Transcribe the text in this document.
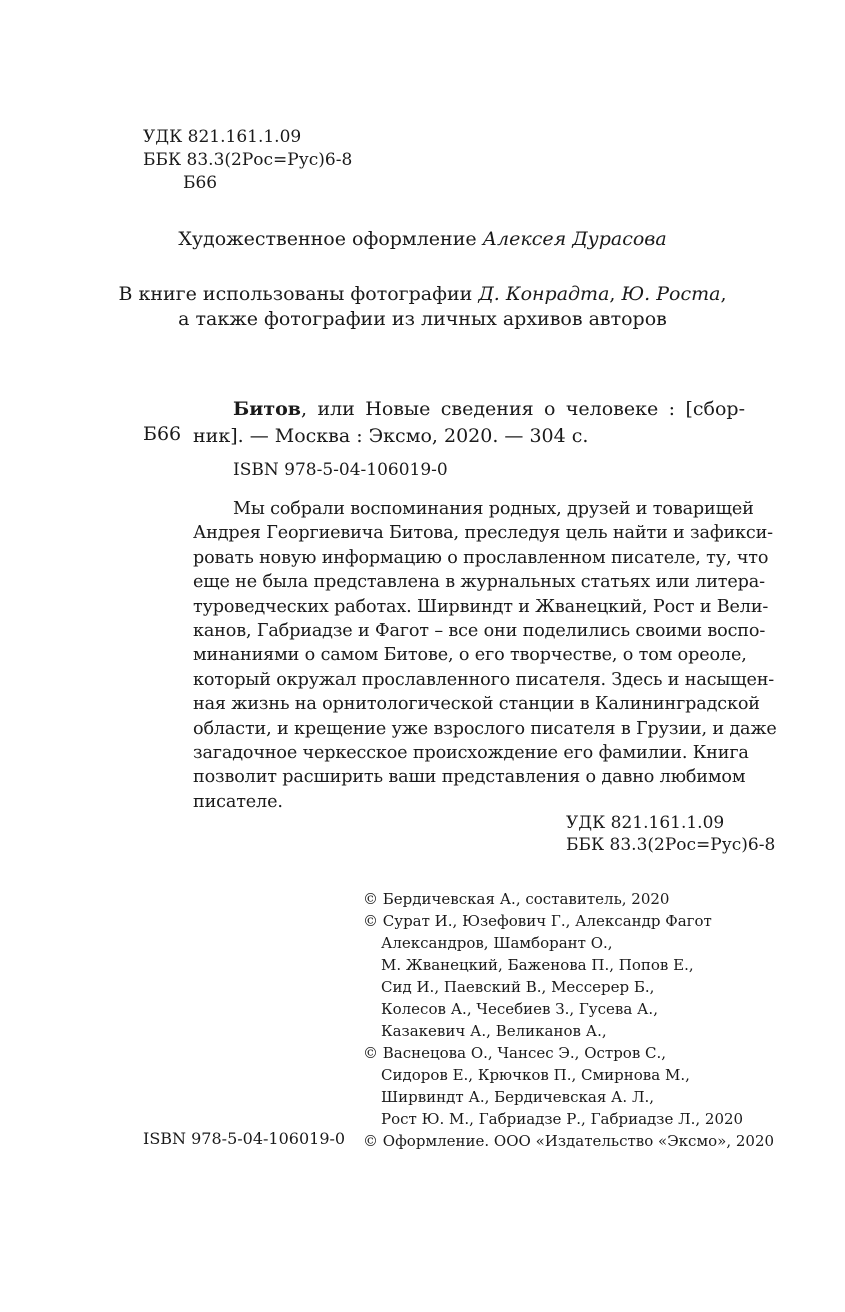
УДК 821.161.1.09
ББК 83.3(2Рос=Рус)6-8
Б66
Художественное оформление Алексея Дурасова
В книге использованы фотографии Д. Конрадта, Ю. Роста,
а также фотографии из личных архивов авторов
Б66

Битов, или Новые сведения о человеке : [сбор-

ник]. — Москва : Эксмо, 2020. — 304 с.

ISBN 978-5-04-106019-0

Мы собрали воспоминания родных, друзей и товарищей

Андрея Георгиевича Битова, преследуя цель найти и зафикси-

ровать новую информацию о прославленном писателе, ту, что

еще не была представлена в журнальных статьях или литера-

туроведческих работах. Ширвиндт и Жванецкий, Рост и Вели-

канов, Габриадзе и Фагот – все они поделились своими воспо-

минаниями о самом Битове, о его творчестве, о том ореоле,

который окружал прославленного писателя. Здесь и насыщен-

ная жизнь на орнитологической станции в Калининградской

области, и крещение уже взрослого писателя в Грузии, и даже

загадочное черкесское происхождение его фамилии. Книга

позволит расширить ваши представления о давно любимом

писателе.

УДК 821.161.1.09
ББК 83.3(2Рос=Рус)6-8
© Бердичевская А., составитель, 2020
© Сурат И., Юзефович Г., Александр Фагот
Александров, Шамборант О.,
М. Жванецкий, Баженова П., Попов Е.,
Сид И., Паевский В., Мессерер Б.,
Колесов А., Чесебиев З., Гусева А.,
Казакевич А., Великанов А.,
© Васнецова О., Чансес Э., Остров С.,
Сидоров Е., Крючков П., Смирнова М.,
Ширвиндт А., Бердичевская А. Л.,
Рост Ю. М., Габриадзе Р., Габриадзе Л., 2020
© Оформление. ООО «Издательство «Эксмо», 2020
ISBN 978-5-04-106019-0
